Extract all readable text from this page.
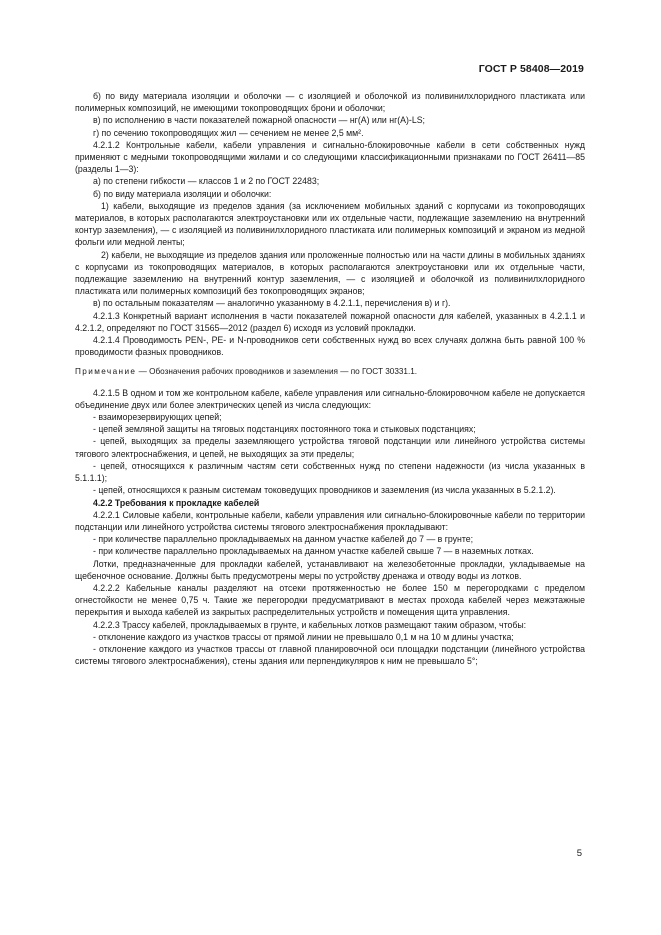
ГОСТ Р 58408—2019

б) по виду материала изоляции и оболочки — с изоляцией и оболочкой из поливинилхлоридного пластиката или полимерных композиций, не имеющими токопроводящих брони и оболочки;

в) по исполнению в части показателей пожарной опасности — нг(А) или нг(А)-LS;

г) по сечению токопроводящих жил — сечением не менее 2,5 мм².

4.2.1.2 Контрольные кабели, кабели управления и сигнально-блокировочные кабели в сети собственных нужд применяют с медными токопроводящими жилами и со следующими классификационными признаками по ГОСТ 26411—85 (разделы 1—3):

а) по степени гибкости — классов 1 и 2 по ГОСТ 22483;

б) по виду материала изоляции и оболочки:

1) кабели, выходящие из пределов здания (за исключением мобильных зданий с корпусами из токопроводящих материалов, в которых располагаются электроустановки или их отдельные части, подлежащие заземлению на внутренний контур заземления), — с изоляцией из поливинилхлоридного пластиката или полимерных композиций и экраном из медной фольги или медной ленты;

2) кабели, не выходящие из пределов здания или проложенные полностью или на части длины в мобильных зданиях с корпусами из токопроводящих материалов, в которых располагаются электроустановки или их отдельные части, подлежащие заземлению на внутренний контур заземления, — с изоляцией и оболочкой из поливинилхлоридного пластиката или полимерных композиций без токопроводящих экранов;

в) по остальным показателям — аналогично указанному в 4.2.1.1, перечисления в) и г).

4.2.1.3 Конкретный вариант исполнения в части показателей пожарной опасности для кабелей, указанных в 4.2.1.1 и 4.2.1.2, определяют по ГОСТ 31565—2012 (раздел 6) исходя из условий прокладки.

4.2.1.4 Проводимость PEN-, PE- и N-проводников сети собственных нужд во всех случаях должна быть равной 100 % проводимости фазных проводников.

Примечание — Обозначения рабочих проводников и заземления — по ГОСТ 30331.1.

4.2.1.5 В одном и том же контрольном кабеле, кабеле управления или сигнально-блокировочном кабеле не допускается объединение двух или более электрических цепей из числа следующих:

- взаиморезервирующих цепей;

- цепей земляной защиты на тяговых подстанциях постоянного тока и стыковых подстанциях;

- цепей, выходящих за пределы заземляющего устройства тяговой подстанции или линейного устройства системы тягового электроснабжения, и цепей, не выходящих за эти пределы;

- цепей, относящихся к различным частям сети собственных нужд по степени надежности (из числа указанных в 5.1.1.1);

- цепей, относящихся к разным системам токоведущих проводников и заземления (из числа указанных в 5.2.1.2).

4.2.2 Требования к прокладке кабелей

4.2.2.1 Силовые кабели, контрольные кабели, кабели управления или сигнально-блокировочные кабели по территории подстанции или линейного устройства системы тягового электроснабжения прокладывают:

- при количестве параллельно прокладываемых на данном участке кабелей до 7 — в грунте;

- при количестве параллельно прокладываемых на данном участке кабелей свыше 7 — в наземных лотках.

Лотки, предназначенные для прокладки кабелей, устанавливают на железобетонные прокладки, укладываемые на щебеночное основание. Должны быть предусмотрены меры по устройству дренажа и отводу воды из лотков.

4.2.2.2 Кабельные каналы разделяют на отсеки протяженностью не более 150 м перегородками с пределом огнестойкости не менее 0,75 ч. Такие же перегородки предусматривают в местах прохода кабелей через межэтажные перекрытия и выхода кабелей из закрытых распределительных устройств и помещения щита управления.

4.2.2.3 Трассу кабелей, прокладываемых в грунте, и кабельных лотков размещают таким образом, чтобы:

- отклонение каждого из участков трассы от прямой линии не превышало 0,1 м на 10 м длины участка;

- отклонение каждого из участков трассы от главной планировочной оси площадки подстанции (линейного устройства системы тягового электроснабжения), стены здания или перпендикуляров к ним не превышало 5°;

5
